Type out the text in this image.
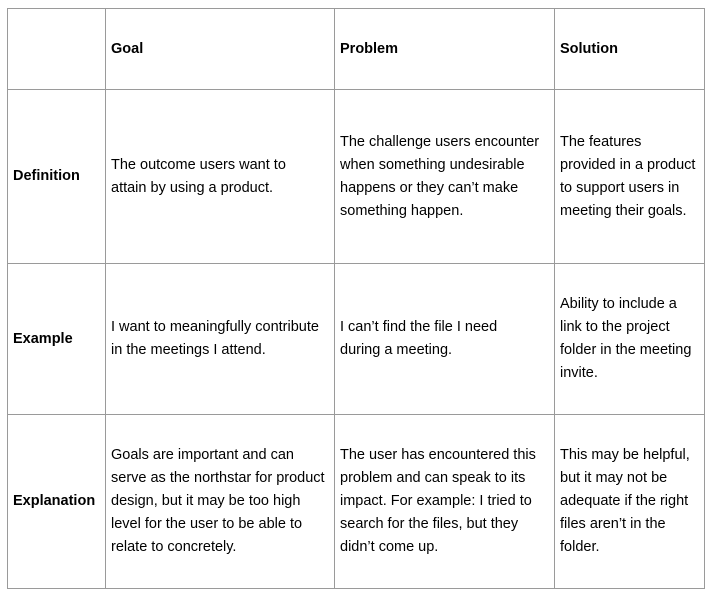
	Goal	Problem	Solution
Definition	The outcome users want to attain by using a product.	The challenge users encounter when something undesirable happens or they can’t make something happen.	The features provided in a product to support users in meeting their goals.
Example	I want to meaningfully contribute in the meetings I attend.	I can’t find the file I need during a meeting.	Ability to include a link to the project folder in the meeting invite.
Explanation	Goals are important and can serve as the northstar for product design, but it may be too high level for the user to be able to relate to concretely.	The user has encountered this problem and can speak to its impact. For example: I tried to search for the files, but they didn’t come up.	This may be helpful, but it may not be adequate if the right files aren’t in the folder.
